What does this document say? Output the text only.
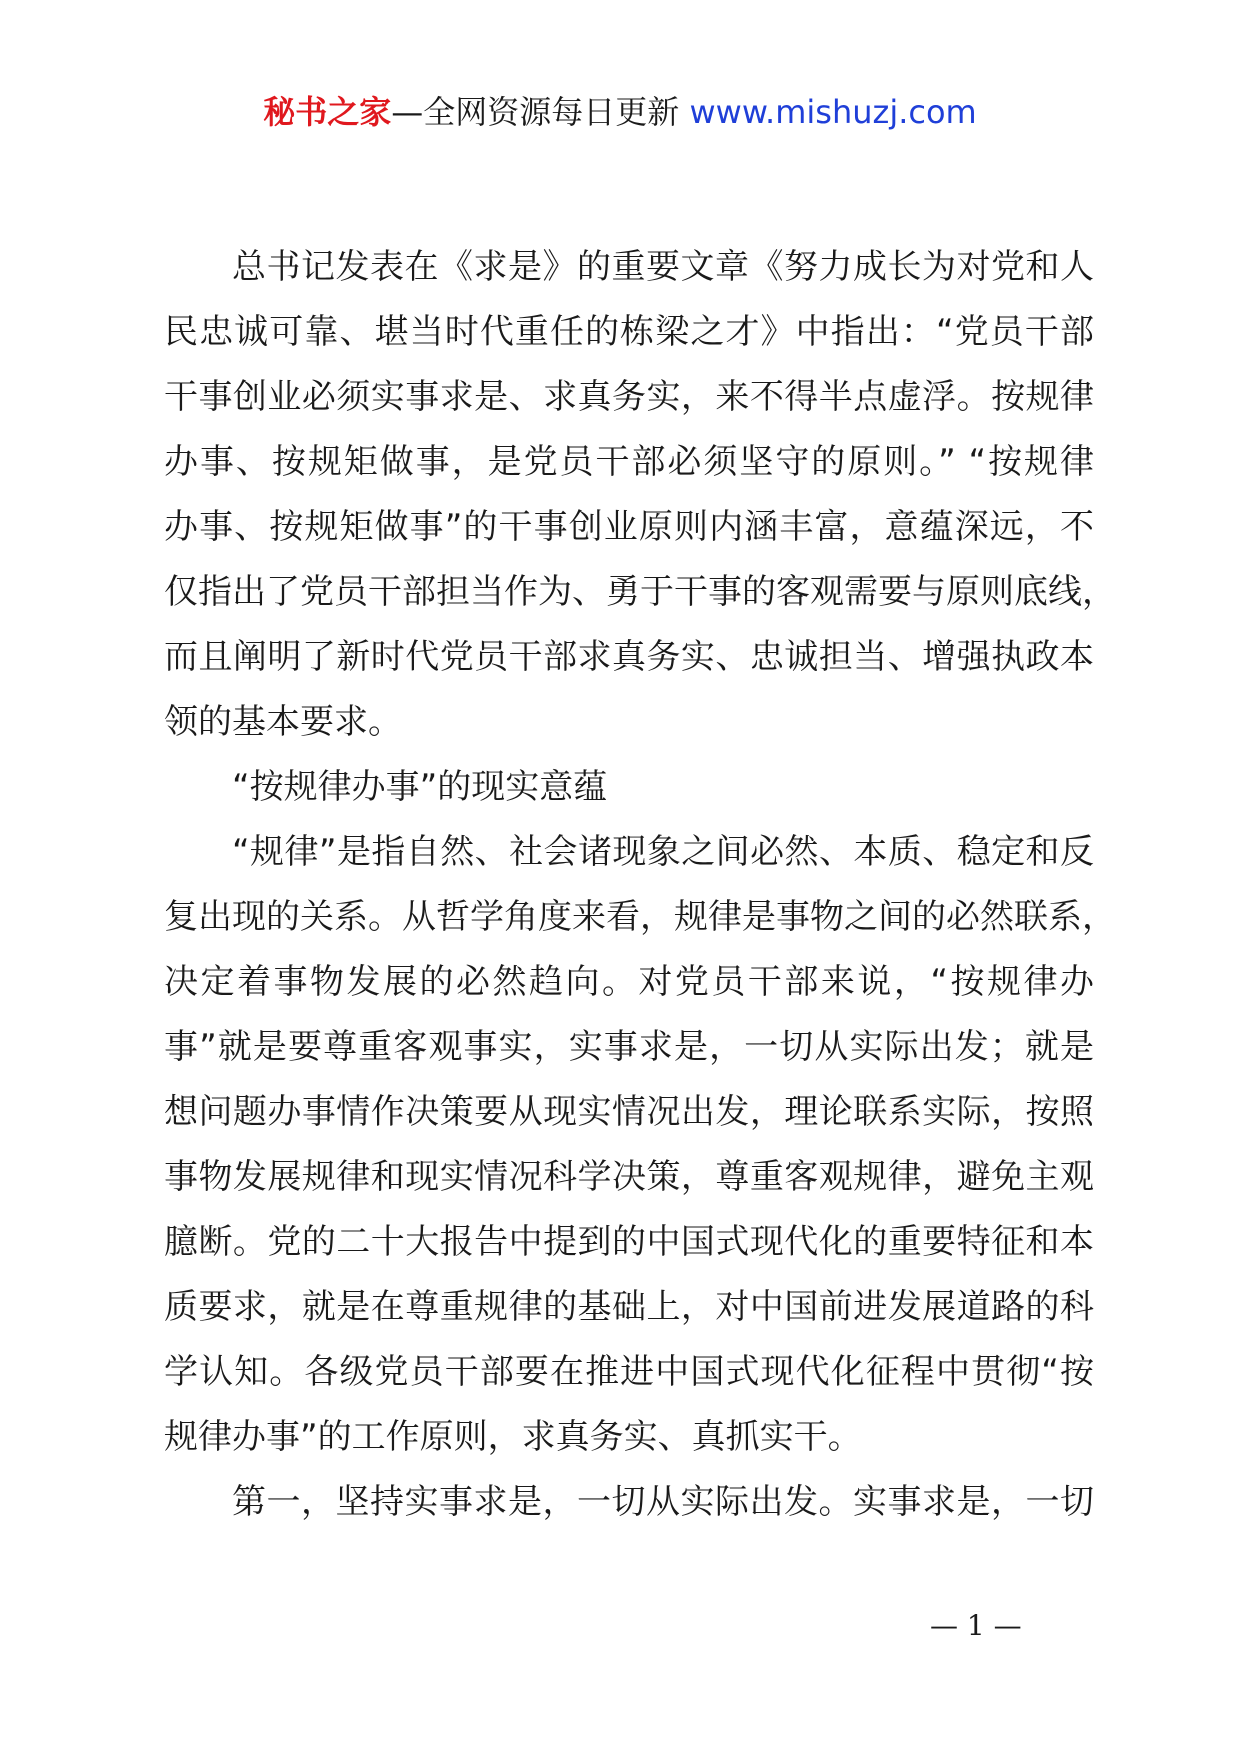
秘书之家—全网资源每日更新 www.mishuzj.com
总书记发表在《求是》的重要文章《努力成长为对党和人
民忠诚可靠、堪当时代重任的栋梁之才》中指出：“党员干部
干事创业必须实事求是、求真务实，来不得半点虚浮。按规律
办事、按规矩做事，是党员干部必须坚守的原则。” “按规律
办事、按规矩做事”的干事创业原则内涵丰富，意蕴深远，不
仅指出了党员干部担当作为、勇于干事的客观需要与原则底线，
而且阐明了新时代党员干部求真务实、忠诚担当、增强执政本
领的基本要求。
“按规律办事”的现实意蕴
“规律”是指自然、社会诸现象之间必然、本质、稳定和反
复出现的关系。从哲学角度来看，规律是事物之间的必然联系，
决定着事物发展的必然趋向。对党员干部来说，“按规律办
事”就是要尊重客观事实，实事求是，一切从实际出发；就是
想问题办事情作决策要从现实情况出发，理论联系实际，按照
事物发展规律和现实情况科学决策，尊重客观规律，避免主观
臆断。党的二十大报告中提到的中国式现代化的重要特征和本
质要求，就是在尊重规律的基础上，对中国前进发展道路的科
学认知。各级党员干部要在推进中国式现代化征程中贯彻“按
规律办事”的工作原则，求真务实、真抓实干。
第一，坚持实事求是，一切从实际出发。实事求是，一切
— 1 —
